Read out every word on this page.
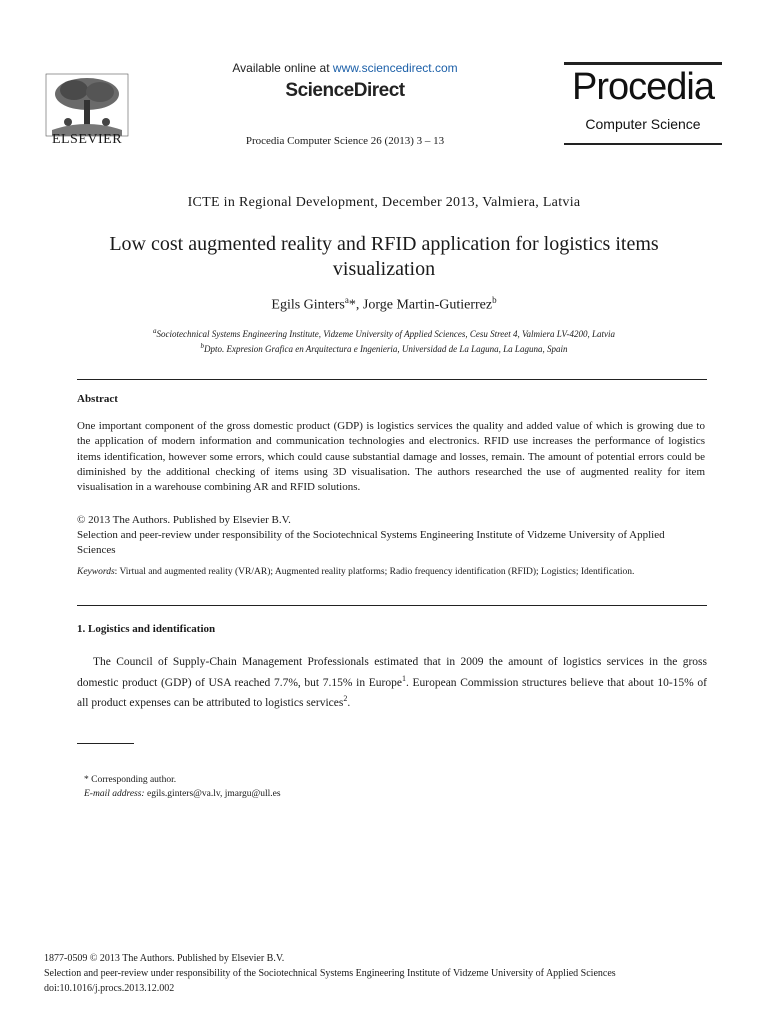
ELSEVIER
Available online at www.sciencedirect.com
ScienceDirect
Procedia Computer Science 26 (2013) 3 – 13
Procedia
Computer Science
ICTE in Regional Development, December 2013, Valmiera, Latvia
Low cost augmented reality and RFID application for logistics items visualization
Egils Ginters$^a$*, Jorge Martin-Gutierrez$^b$
$^a$Sociotechnical Systems Engineering Institute, Vidzeme University of Applied Sciences, Cesu Street 4, Valmiera LV-4200, Latvia
$^b$Dpto. Expresion Grafica en Arquitectura e Ingenieria, Universidad de La Laguna, La Laguna, Spain
Abstract
One important component of the gross domestic product (GDP) is logistics services the quality and added value of which is growing due to the application of modern information and communication technologies and electronics. RFID use increases the performance of logistics items identification, however some errors, which could cause substantial damage and losses, remain. The amount of potential errors could be diminished by the additional checking of items using 3D visualisation. The authors researched the use of augmented reality for item visualisation in a warehouse combining AR and RFID solutions.
© 2013 The Authors. Published by Elsevier B.V.
Selection and peer-review under responsibility of the Sociotechnical Systems Engineering Institute of Vidzeme University of Applied Sciences
Keywords: Virtual and augmented reality (VR/AR); Augmented reality platforms; Radio frequency identification (RFID); Logistics; Identification.
1. Logistics and identification
The Council of Supply-Chain Management Professionals estimated that in 2009 the amount of logistics services in the gross domestic product (GDP) of USA reached 7.7%, but 7.15% in Europe$^1$. European Commission structures believe that about 10-15% of all product expenses can be attributed to logistics services$^2$.
* Corresponding author.
E-mail address: egils.ginters@va.lv, jmargu@ull.es
1877-0509 © 2013 The Authors. Published by Elsevier B.V.
Selection and peer-review under responsibility of the Sociotechnical Systems Engineering Institute of Vidzeme University of Applied Sciences
doi:10.1016/j.procs.2013.12.002
